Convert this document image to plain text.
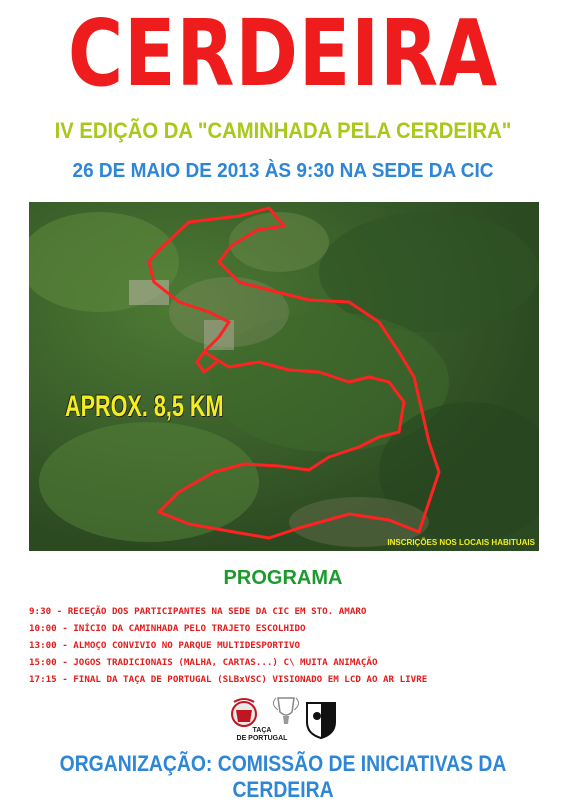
CERDEIRA
IV EDIÇÃO DA "CAMINHADA PELA CERDEIRA"
26 DE MAIO DE 2013 ÀS 9:30 NA SEDE DA CIC
APROX. 8,5 KM
INSCRIÇÕES NOS LOCAIS HABITUAIS
PROGRAMA
9:30 - RECEÇÃO DOS PARTICIPANTES NA SEDE DA CIC EM STO. AMARO
10:00 - INÍCIO DA CAMINHADA PELO TRAJETO ESCOLHIDO
13:00 - ALMOÇO CONVIVIO NO PARQUE MULTIDESPORTIVO
15:00 - JOGOS TRADICIONAIS (MALHA, CARTAS...) C\ MUITA ANIMAÇÃO
17:15 - FINAL DA TAÇA DE PORTUGAL (SLBxVSC) VISIONADO EM LCD AO AR LIVRE
TAÇA
DE PORTUGAL
ORGANIZAÇÃO: COMISSÃO DE INICIATIVAS DA CERDEIRA
